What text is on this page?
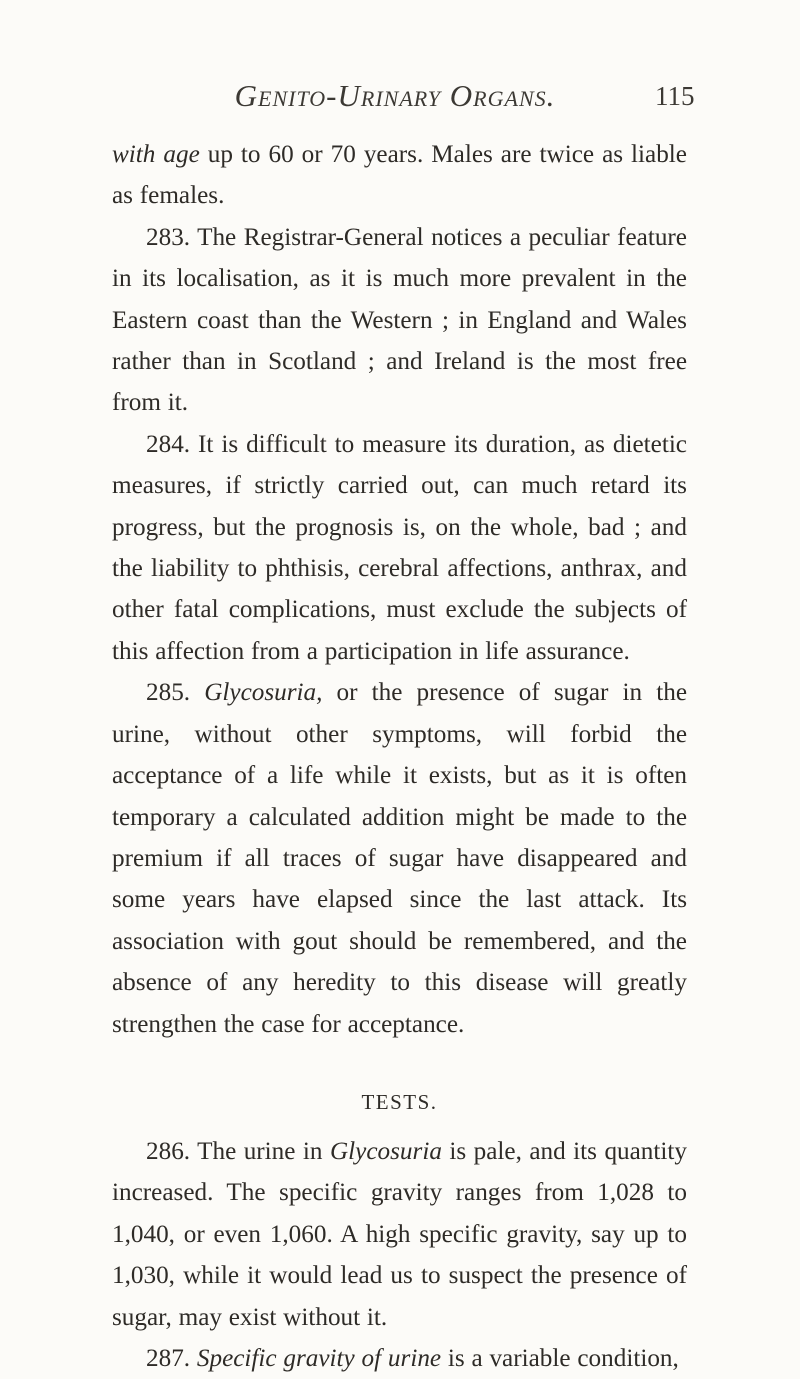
Genito-Urinary Organs.	115

with age up to 60 or 70 years. Males are twice as liable as females.

283. The Registrar-General notices a peculiar feature in its localisation, as it is much more prevalent in the Eastern coast than the Western ; in England and Wales rather than in Scotland ; and Ireland is the most free from it.

284. It is difficult to measure its duration, as dietetic measures, if strictly carried out, can much retard its progress, but the prognosis is, on the whole, bad ; and the liability to phthisis, cerebral affections, anthrax, and other fatal complications, must exclude the subjects of this affection from a participation in life assurance.

285. Glycosuria, or the presence of sugar in the urine, without other symptoms, will forbid the acceptance of a life while it exists, but as it is often temporary a calculated addition might be made to the premium if all traces of sugar have disappeared and some years have elapsed since the last attack. Its association with gout should be remembered, and the absence of any heredity to this disease will greatly strengthen the case for acceptance.

TESTS.

286. The urine in Glycosuria is pale, and its quantity increased. The specific gravity ranges from 1,028 to 1,040, or even 1,060. A high specific gravity, say up to 1,030, while it would lead us to suspect the presence of sugar, may exist without it.

287. Specific gravity of urine is a variable condition,
